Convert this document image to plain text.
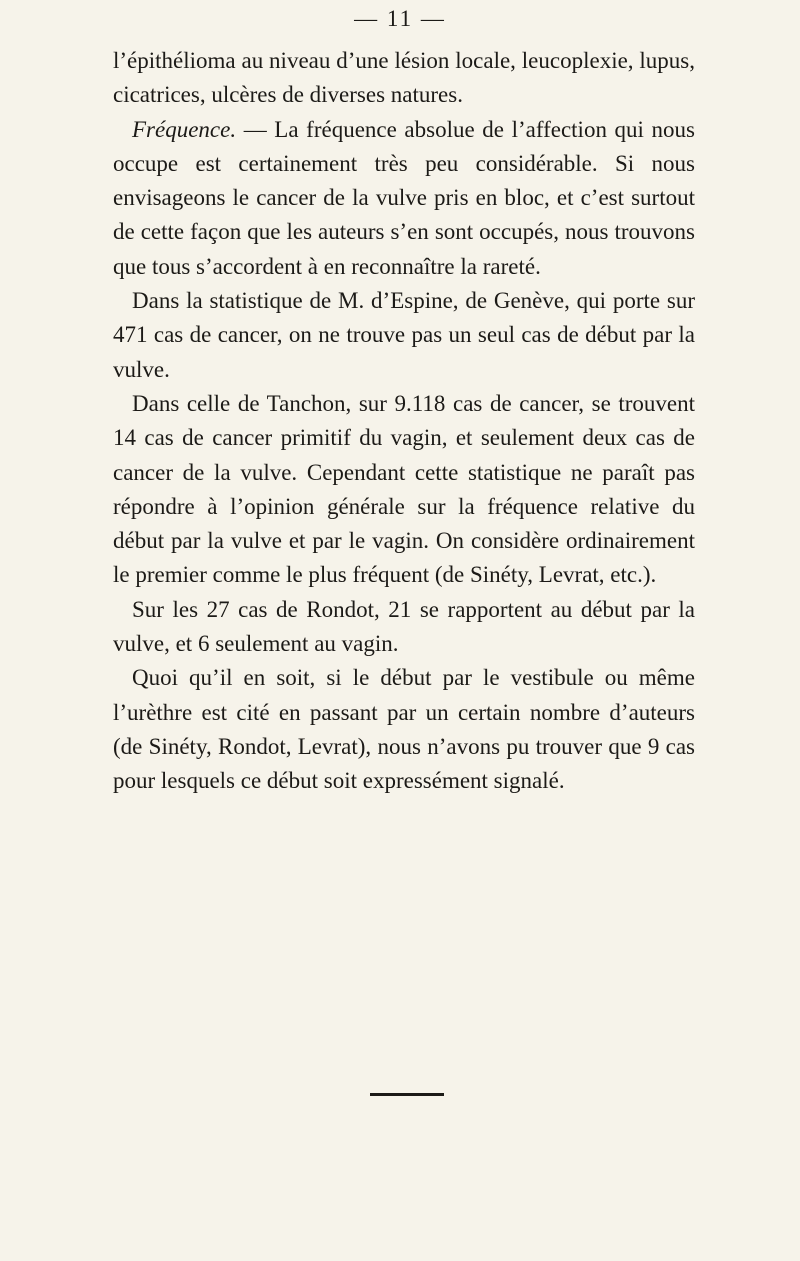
— 11 —

l’épithélioma au niveau d’une lésion locale, leucoplexie, lupus, cicatrices, ulcères de diverses natures.

Fréquence. — La fréquence absolue de l’affection qui nous occupe est certainement très peu considérable. Si nous envisageons le cancer de la vulve pris en bloc, et c’est surtout de cette façon que les auteurs s’en sont occupés, nous trouvons que tous s’accordent à en reconnaître la rareté.

Dans la statistique de M. d’Espine, de Genève, qui porte sur 471 cas de cancer, on ne trouve pas un seul cas de début par la vulve.

Dans celle de Tanchon, sur 9.118 cas de cancer, se trouvent 14 cas de cancer primitif du vagin, et seulement deux cas de cancer de la vulve. Cependant cette statistique ne paraît pas répondre à l’opinion générale sur la fréquence relative du début par la vulve et par le vagin. On considère ordinairement le premier comme le plus fréquent (de Sinéty, Levrat, etc.).

Sur les 27 cas de Rondot, 21 se rapportent au début par la vulve, et 6 seulement au vagin.

Quoi qu’il en soit, si le début par le vestibule ou même l’urèthre est cité en passant par un certain nombre d’auteurs (de Sinéty, Rondot, Levrat), nous n’avons pu trouver que 9 cas pour lesquels ce début soit expressément signalé.
